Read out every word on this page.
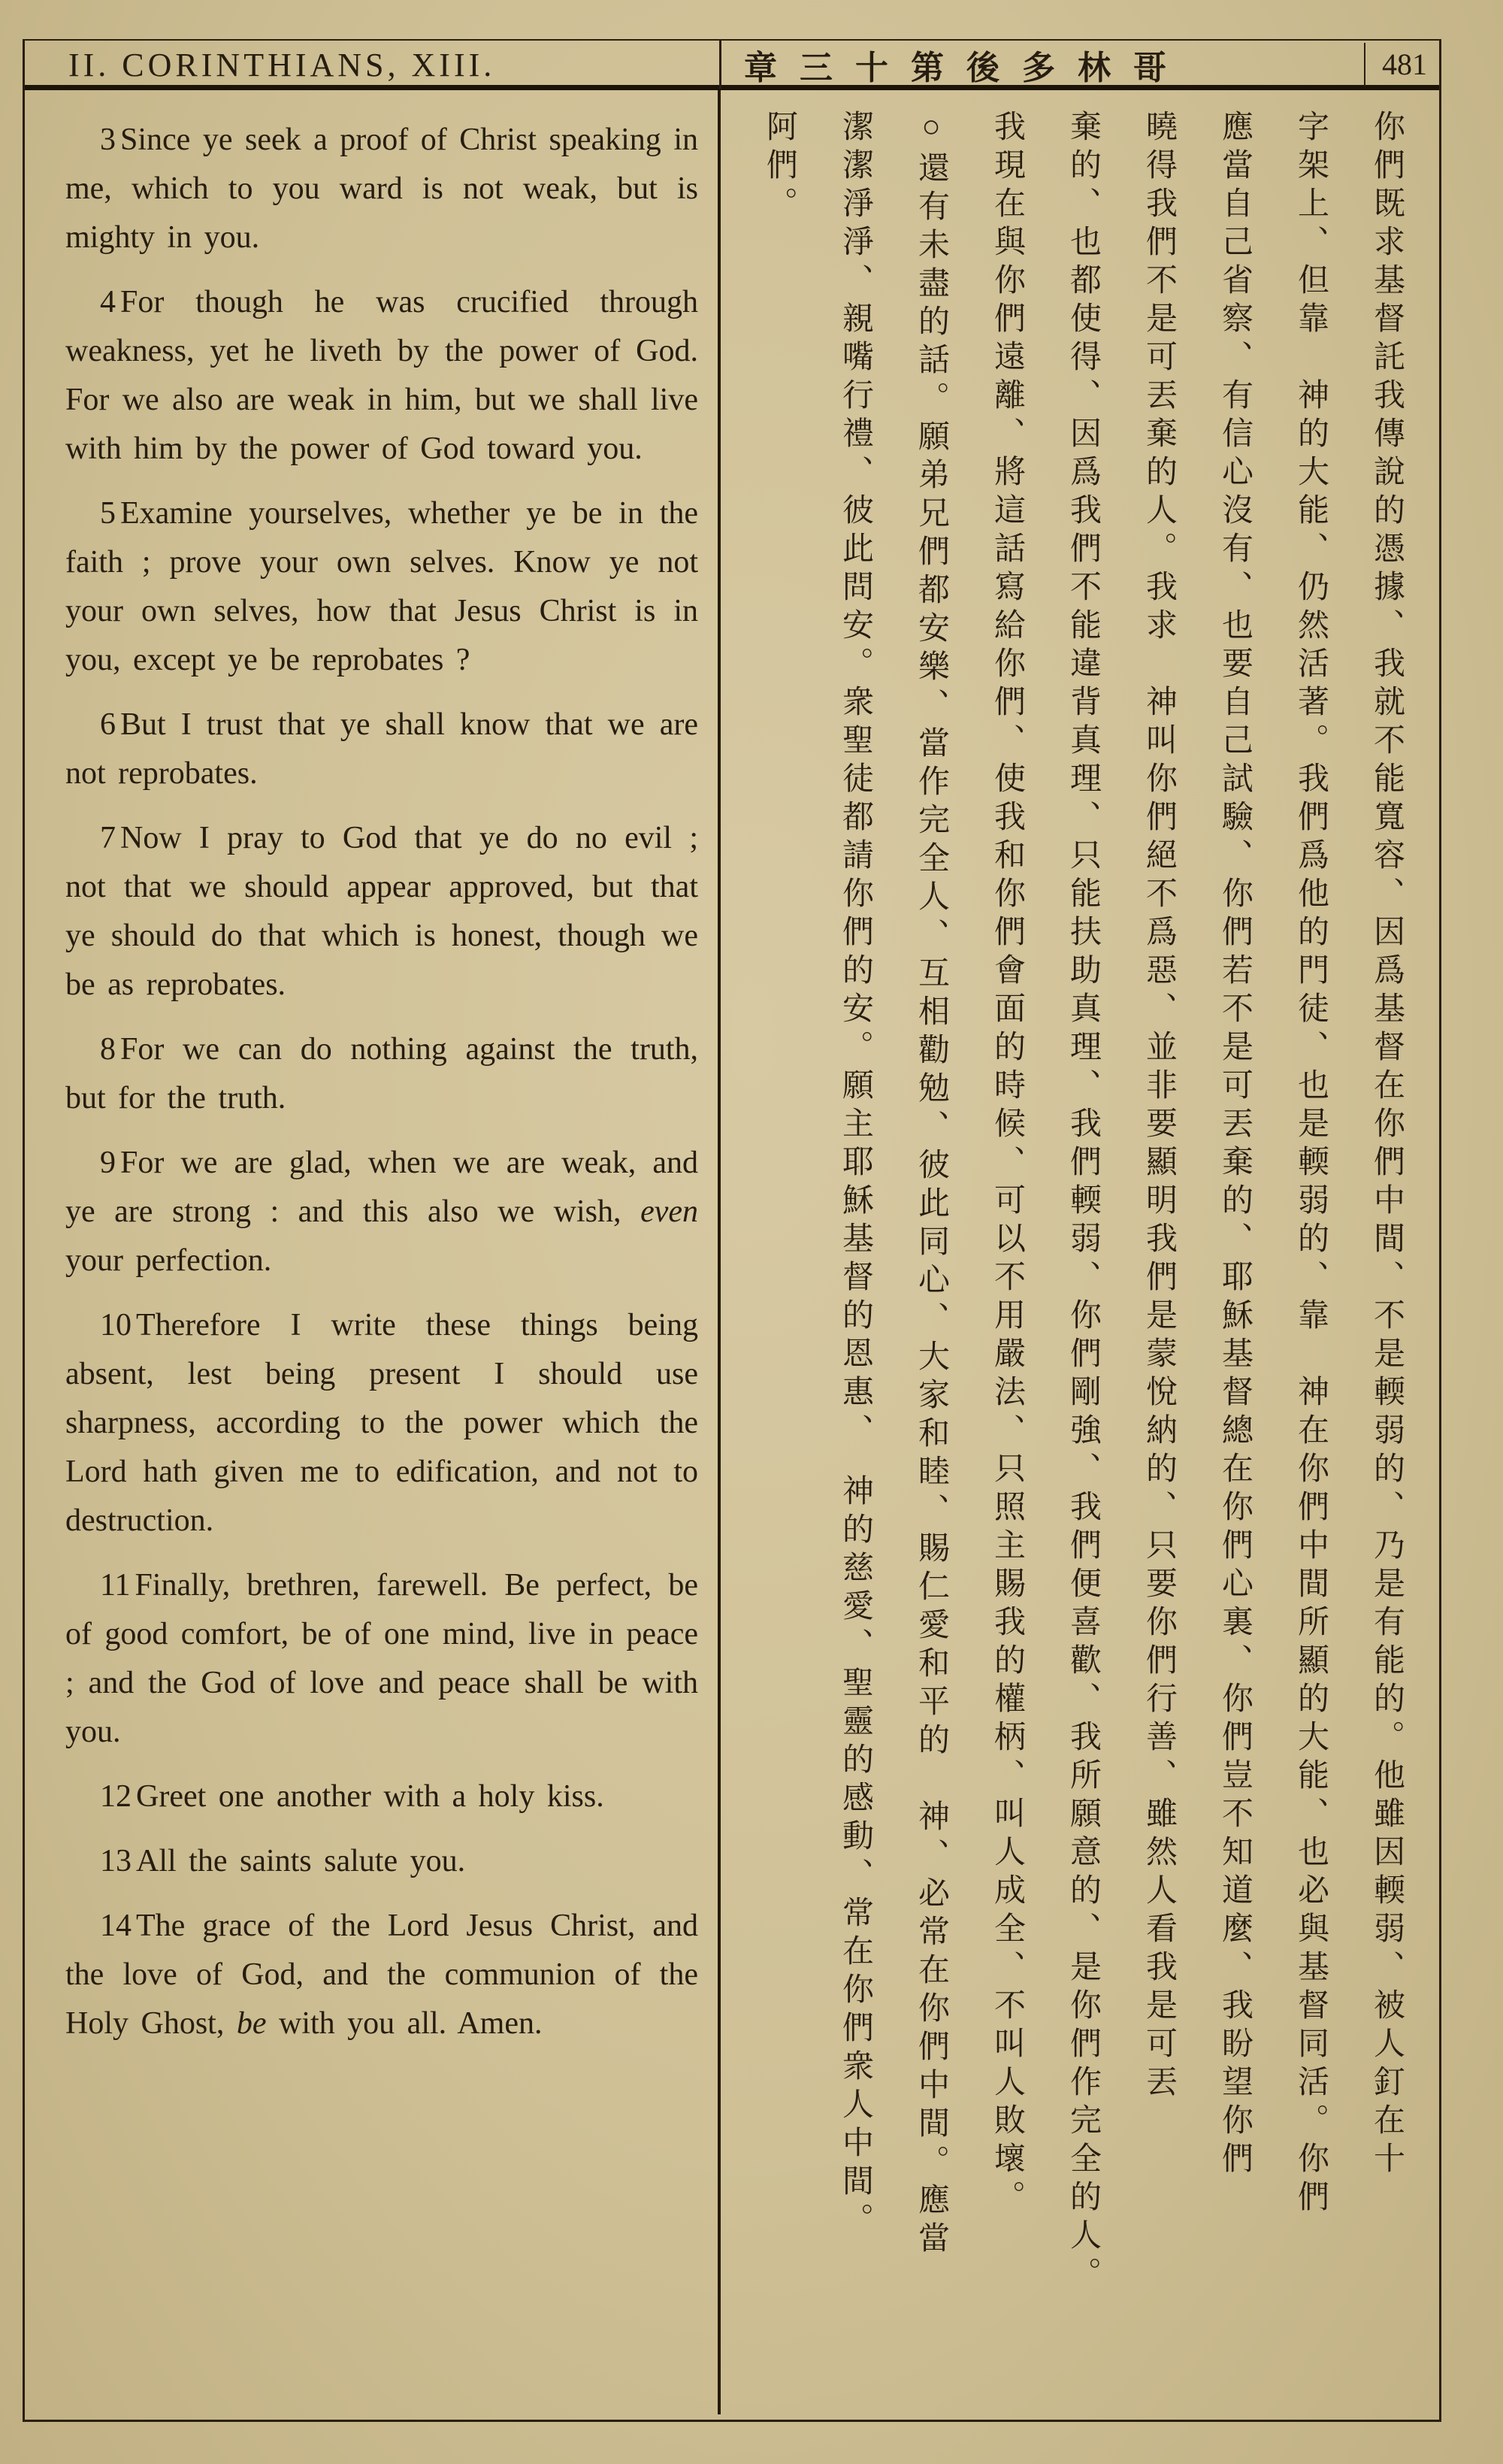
II. CORINTHIANS, XIII.	章三十第後多林哥	481

3 Since ye seek a proof of Christ speaking in me, which to you ward is not weak, but is mighty in you.

4 For though he was crucified through weakness, yet he liveth by the power of God. For we also are weak in him, but we shall live with him by the power of God toward you.

5 Examine yourselves, whether ye be in the faith ; prove your own selves. Know ye not your own selves, how that Jesus Christ is in you, except ye be reprobates ?

6 But I trust that ye shall know that we are not reprobates.

7 Now I pray to God that ye do no evil ; not that we should appear approved, but that ye should do that which is honest, though we be as reprobates.

8 For we can do nothing against the truth, but for the truth.

9 For we are glad, when we are weak, and ye are strong : and this also we wish, even your perfection.

10 Therefore I write these things being absent, lest being present I should use sharpness, according to the power which the Lord hath given me to edification, and not to destruction.

11 Finally, brethren, farewell. Be perfect, be of good comfort, be of one mind, live in peace ; and the God of love and peace shall be with you.

12 Greet one another with a holy kiss.

13 All the saints salute you.

14 The grace of the Lord Jesus Christ, and the love of God, and the communion of the Holy Ghost, be with you all. Amen.	你們既求基督託我傳說的憑據、我就不能寬容、因爲基督在你們中間、不是輭弱的、乃是有能的。他雖因輭弱、被人釘在十

字架上、但靠　神的大能、仍然活著。我們爲他的門徒、也是輭弱的、靠　神在你們中間所顯的大能、也必與基督同活。你們

應當自己省察、有信心沒有、也要自己試驗、你們若不是可丟棄的、耶穌基督總在你們心裏、你們豈不知道麼、我盼望你們

曉得我們不是可丟棄的人。我求　神叫你們絕不爲惡、並非要顯明我們是蒙悅納的、只要你們行善、雖然人看我是可丟

棄的、也都使得、因爲我們不能違背真理、只能扶助真理、我們輭弱、你們剛強、我們便喜歡、我所願意的、是你們作完全的人。

我現在與你們遠離、將這話寫給你們、使我和你們會面的時候、可以不用嚴法、只照主賜我的權柄、叫人成全、不叫人敗壞。

○還有未盡的話。願弟兄們都安樂、當作完全人、互相勸勉、彼此同心、大家和睦、賜仁愛和平的　神、必常在你們中間。應當

潔潔淨淨、親嘴行禮、彼此問安。衆聖徒都請你們的安。願主耶穌基督的恩惠、　神的慈愛、聖靈的感動、常在你們衆人中間。

阿們。
